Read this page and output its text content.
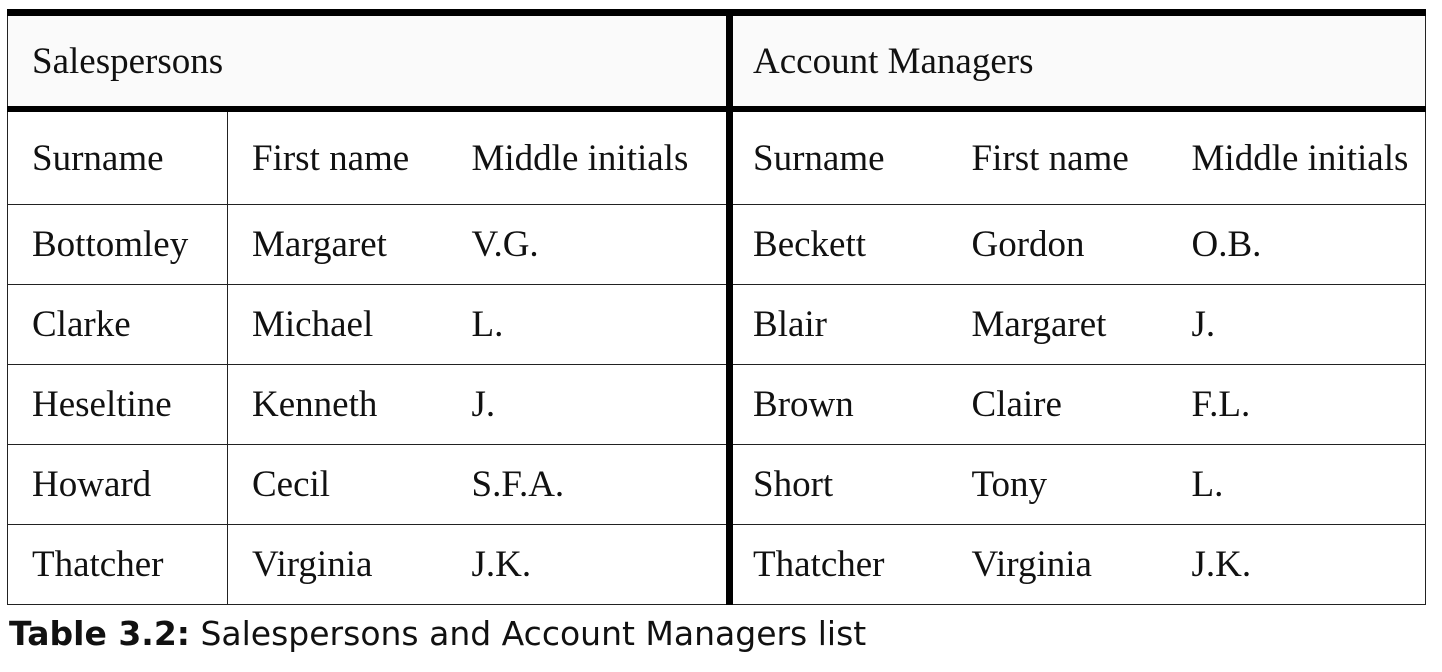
Salespersons			Account Managers		
Surname	First name	Middle initials	Surname	First name	Middle initials
Bottomley	Margaret	V.G.	Beckett	Gordon	O.B.
Clarke	Michael	L.	Blair	Margaret	J.
Heseltine	Kenneth	J.	Brown	Claire	F.L.
Howard	Cecil	S.F.A.	Short	Tony	L.
Thatcher	Virginia	J.K.	Thatcher	Virginia	J.K.
Table 3.2: Salespersons and Account Managers list
